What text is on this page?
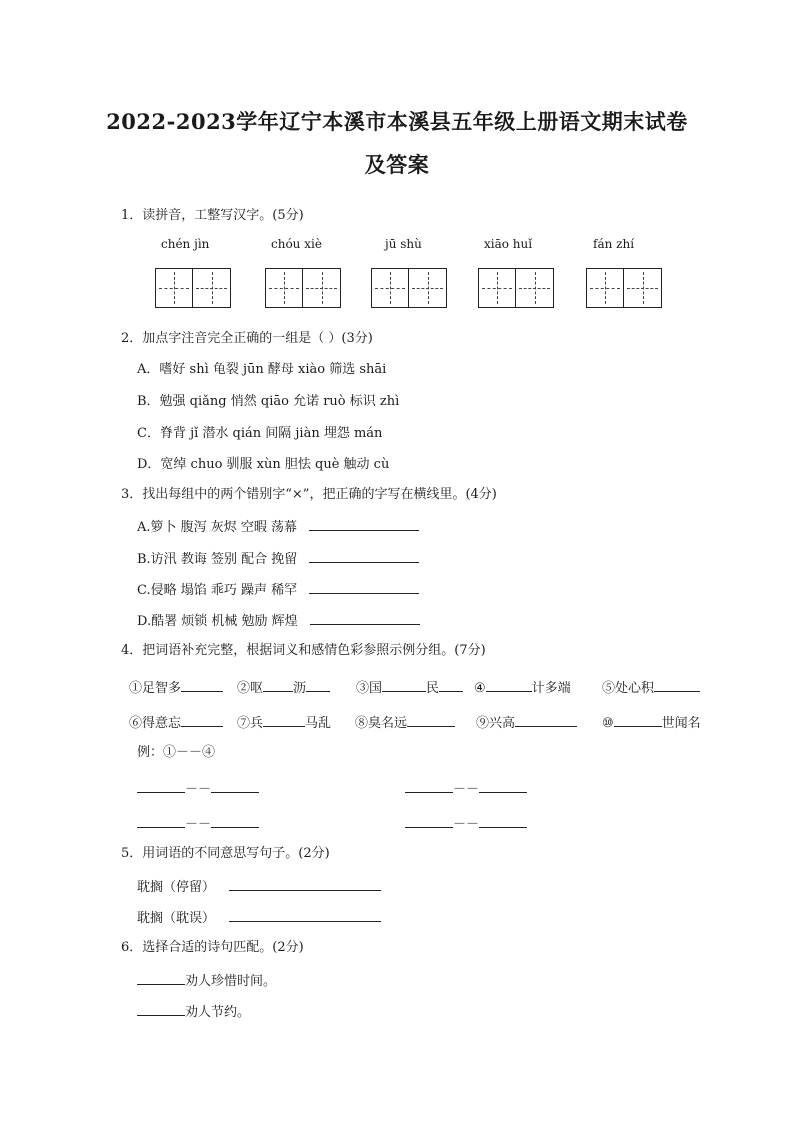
2022-2023学年辽宁本溪市本溪县五年级上册语文期末试卷
及答案
1．读拼音，工整写汉字。(5分)
chén jìn	chóu xiè	jū shù	xiāo huǐ	fán zhí
2．加点字注音完全正确的一组是（ ）(3分)
A．嗜好 shì 龟裂 jūn 酵母 xiào 筛选 shāi
B．勉强 qiǎng 悄然 qiāo 允诺 ruò 标识 zhì
C．脊背 jǐ 潜水 qián 间隔 jiàn 埋怨 mán
D．宽绰 chuo 驯服 xùn 胆怯 què 触动 cù
3．找出每组中的两个错别字“×”，把正确的字写在横线里。(4分)
A.箩卜 腹泻 灰烬 空暇 荡幕
B.访汛 教诲 签别 配合 挽留
C.侵略 塌馅 乖巧 躁声 稀罕
D.酷署 烦锁 机械 勉励 辉煌
4．把词语补充完整，根据词义和感情色彩参照示例分组。(7分)
①足智多	②呕 沥	③国	民	④	计多端 ⑤处心积
⑥得意忘	⑦兵	马乱 ⑧臭名远	⑨兴高	⑩	世闻名
例：①－－④
－－	－－
－－	－－
5．用词语的不同意思写句子。(2分)
耽搁（停留）
耽搁（耽误）
6．选择合适的诗句匹配。(2分)
劝人珍惜时间。
劝人节约。
